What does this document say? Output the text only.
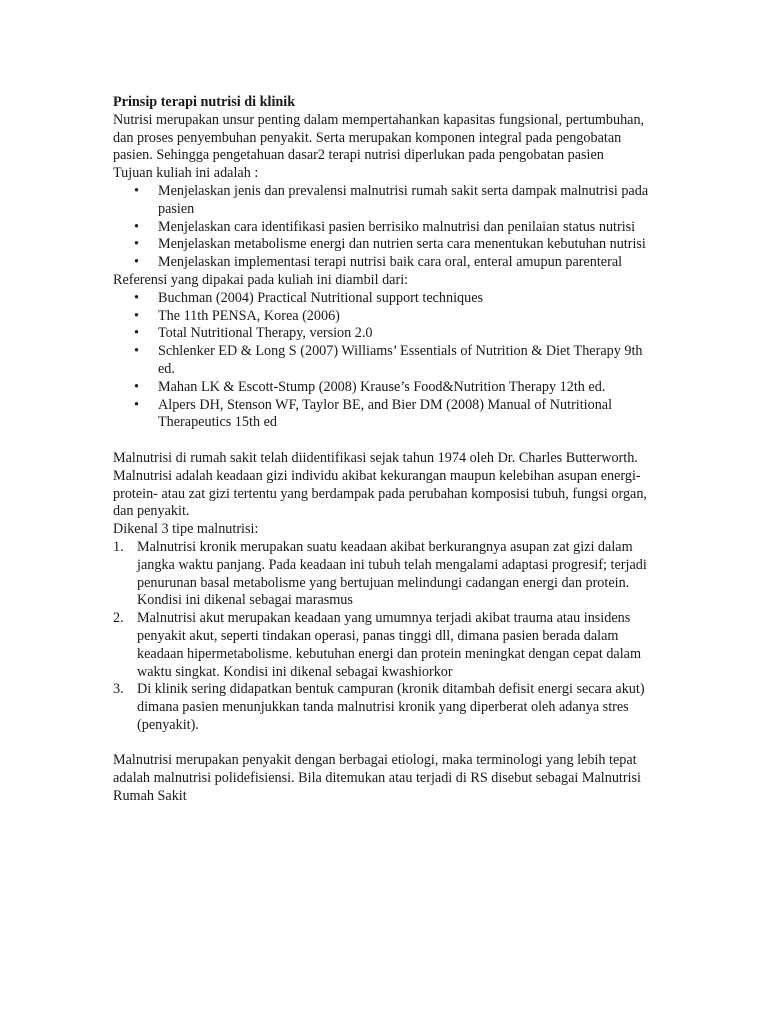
Prinsip terapi nutrisi di klinik

Nutrisi merupakan unsur penting dalam mempertahankan kapasitas fungsional, pertumbuhan, dan proses penyembuhan penyakit. Serta merupakan komponen integral pada pengobatan pasien. Sehingga pengetahuan dasar2 terapi nutrisi diperlukan pada pengobatan pasien

Tujuan kuliah ini adalah :

• Menjelaskan jenis dan prevalensi malnutrisi rumah sakit serta dampak malnutrisi pada pasien
• Menjelaskan cara identifikasi pasien berrisiko malnutrisi dan penilaian status nutrisi
• Menjelaskan metabolisme energi dan nutrien serta cara menentukan kebutuhan nutrisi
• Menjelaskan implementasi terapi nutrisi baik cara oral, enteral amupun parenteral

Referensi yang dipakai pada kuliah ini diambil dari:

• Buchman (2004) Practical Nutritional support techniques
• The 11th PENSA, Korea (2006)
• Total Nutritional Therapy, version 2.0
• Schlenker ED & Long S (2007) Williams’ Essentials of Nutrition & Diet Therapy 9th ed.
• Mahan LK & Escott-Stump (2008) Krause’s Food&Nutrition Therapy 12th ed.
• Alpers DH, Stenson WF, Taylor BE, and Bier DM (2008) Manual of Nutritional Therapeutics 15th ed

Malnutrisi di rumah sakit telah diidentifikasi sejak tahun 1974 oleh Dr. Charles Butterworth.

Malnutrisi adalah keadaan gizi individu akibat kekurangan maupun kelebihan asupan energi- protein- atau zat gizi tertentu yang berdampak pada perubahan komposisi tubuh, fungsi organ, dan penyakit.

Dikenal 3 tipe malnutrisi:

1. Malnutrisi kronik merupakan suatu keadaan akibat berkurangnya asupan zat gizi dalam jangka waktu panjang. Pada keadaan ini tubuh telah mengalami adaptasi progresif; terjadi penurunan basal metabolisme yang bertujuan melindungi cadangan energi dan protein. Kondisi ini dikenal sebagai marasmus
2. Malnutrisi akut merupakan keadaan yang umumnya terjadi akibat trauma atau insidens penyakit akut, seperti tindakan operasi, panas tinggi dll, dimana pasien berada dalam keadaan hipermetabolisme. kebutuhan energi dan protein meningkat dengan cepat dalam waktu singkat. Kondisi ini dikenal sebagai kwashiorkor
3. Di klinik sering didapatkan bentuk campuran (kronik ditambah defisit energi secara akut) dimana pasien menunjukkan tanda malnutrisi kronik yang diperberat oleh adanya stres (penyakit).

Malnutrisi merupakan penyakit dengan berbagai etiologi, maka terminologi yang lebih tepat adalah malnutrisi polidefisiensi. Bila ditemukan atau terjadi di RS disebut sebagai Malnutrisi Rumah Sakit
